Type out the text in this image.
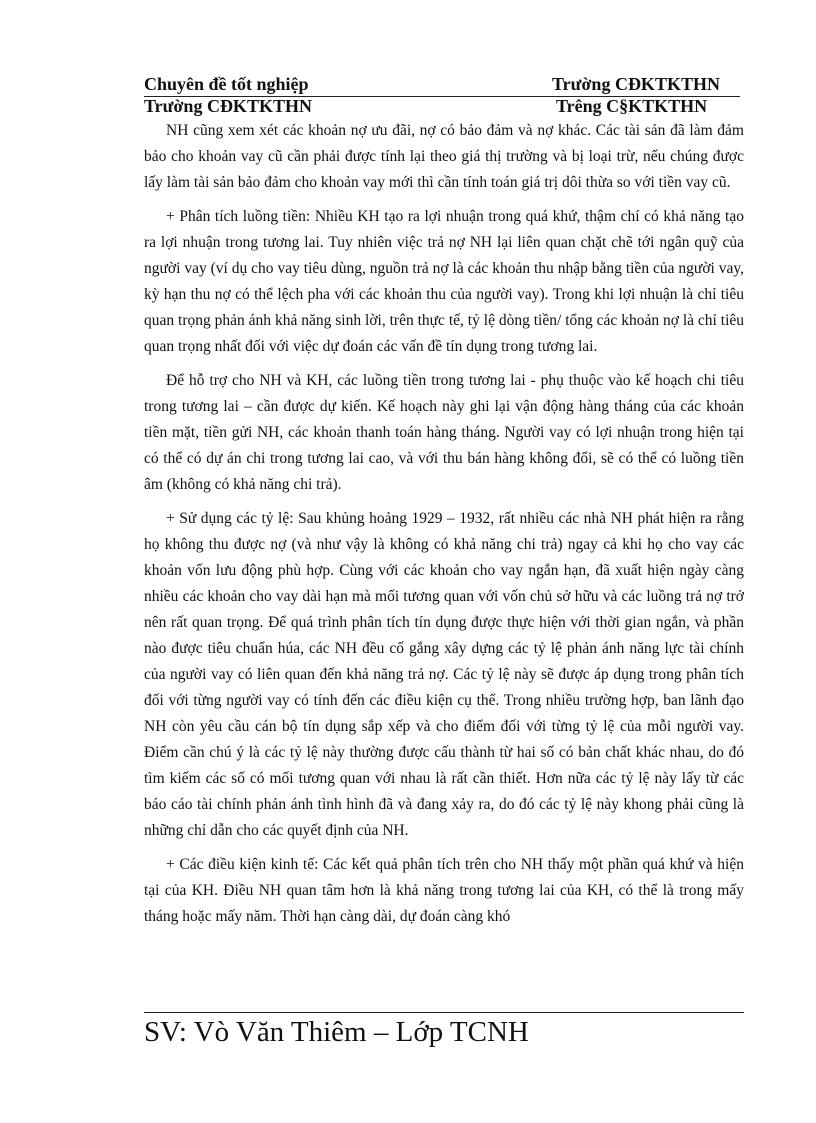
Chuyên đề tốt nghiệp	Trường CĐKTKTHN
Trường CĐKTKTHN	Trêng C§KTKTHN

NH cũng xem xét các khoản nợ ưu đãi, nợ có bảo đảm và nợ khác. Các tài sản đã làm đảm bảo cho khoản vay cũ cần phải được tính lại theo giá thị trường và bị loại trừ, nếu chúng được lấy làm tài sản bảo đảm cho khoản vay mới thì cần tính toán giá trị dôi thừa so với tiền vay cũ.

+ Phân tích luồng tiền: Nhiều KH tạo ra lợi nhuận trong quá khứ, thậm chí có khả năng tạo ra lợi nhuận trong tương lai. Tuy nhiên việc trả nợ NH lại liên quan chặt chẽ tới ngân quỹ của người vay (ví dụ cho vay tiêu dùng, nguồn trả nợ là các khoản thu nhập bằng tiền của người vay, kỳ hạn thu nợ có thể lệch pha với các khoản thu của người vay). Trong khi lợi nhuận là chỉ tiêu quan trọng phản ánh khả năng sinh lời, trên thực tế, tỷ lệ dòng tiền/ tổng các khoản nợ là chỉ tiêu quan trọng nhất đối với việc dự đoán các vấn đề tín dụng trong tương lai.

Để hỗ trợ cho NH và KH, các luồng tiền trong tương lai - phụ thuộc vào kế hoạch chi tiêu trong tương lai – cần được dự kiến. Kế hoạch này ghi lại vận động hàng tháng của các khoản tiền mặt, tiền gửi NH, các khoản thanh toán hàng tháng. Người vay có lợi nhuận trong hiện tại có thể có dự án chi trong tương lai cao, và với thu bán hàng không đổi, sẽ có thể có luồng tiền âm (không có khả năng chi trả).

+ Sử dụng các tỷ lệ: Sau khủng hoảng 1929 – 1932, rất nhiều các nhà NH phát hiện ra rằng họ không thu được nợ (và như vậy là không có khả năng chi trả) ngay cả khi họ cho vay các khoản vốn lưu động phù hợp. Cùng với các khoản cho vay ngắn hạn, đã xuất hiện ngày càng nhiều các khoản cho vay dài hạn mà mối tương quan với vốn chủ sở hữu và các luồng trả nợ trở nên rất quan trọng. Để quá trình phân tích tín dụng được thực hiện với thời gian ngắn, và phần nào được tiêu chuẩn húa, các NH đều cố gắng xây dựng các tỷ lệ phản ánh năng lực tài chính của người vay có liên quan đến khả năng trả nợ. Các tỷ lệ này sẽ được áp dụng trong phân tích đối với từng người vay có tính đến các điều kiện cụ thể. Trong nhiều trường hợp, ban lãnh đạo NH còn yêu cầu cán bộ tín dụng sắp xếp và cho điểm đối với từng tỷ lệ của mỗi người vay. Điểm cần chú ý là các tỷ lệ này thường được cấu thành từ hai số có bản chất khác nhau, do đó tìm kiếm các số có mối tương quan với nhau là rất cần thiết. Hơn nữa các tỷ lệ này lấy từ các báo cáo tài chính phản ánh tình hình đã và đang xảy ra, do đó các tỷ lệ này khong phải cũng là những chỉ dẫn cho các quyết định của NH.

+ Các điều kiện kinh tế: Các kết quả phân tích trên cho NH thấy một phần quá khứ và hiện tại của KH. Điều NH quan tâm hơn là khả năng trong tương lai của KH, có thể là trong mấy tháng hoặc mấy năm. Thời hạn càng dài, dự đoán càng khó

SV: Vò Văn Thiêm – Lớp TCNH
